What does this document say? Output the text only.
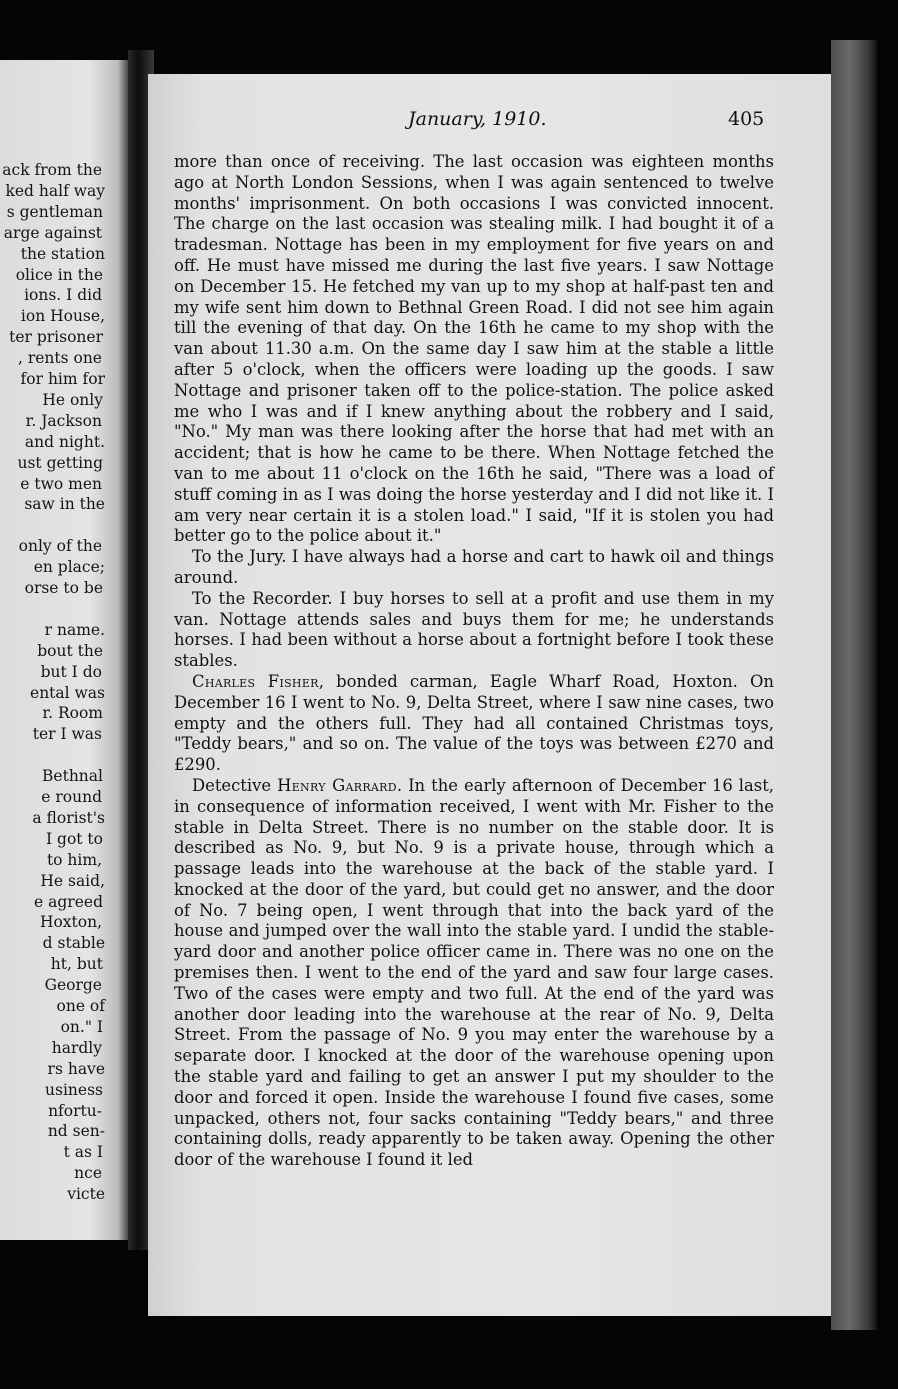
ack from the
ked half way
s gentleman
arge against
the station
olice in the
ions. I did
ion House,
ter prisoner
, rents one
for him for
He only
r. Jackson
and night.
ust getting
e two men
saw in the
only of the
en place;
orse to be
r name.
bout the
but I do
ental was
r. Room
ter I was
Bethnal
e round
a florist's
I got to
to him,
He said,
e agreed
Hoxton,
d stable
ht, but
George
one of
on." I
hardly
rs have
usiness
nfortu-
nd sen-
t as I
nce
victe
January, 1910.	405

more than once of receiving. The last occasion was eighteen months ago at North London Sessions, when I was again sentenced to twelve months' imprisonment. On both occasions I was convicted innocent. The charge on the last occasion was stealing milk. I had bought it of a tradesman. Nottage has been in my employment for five years on and off. He must have missed me during the last five years. I saw Nottage on December 15. He fetched my van up to my shop at half-past ten and my wife sent him down to Bethnal Green Road. I did not see him again till the evening of that day. On the 16th he came to my shop with the van about 11.30 a.m. On the same day I saw him at the stable a little after 5 o'clock, when the officers were loading up the goods. I saw Nottage and prisoner taken off to the police-station. The police asked me who I was and if I knew anything about the robbery and I said, "No." My man was there looking after the horse that had met with an accident; that is how he came to be there. When Nottage fetched the van to me about 11 o'clock on the 16th he said, "There was a load of stuff coming in as I was doing the horse yesterday and I did not like it. I am very near certain it is a stolen load." I said, "If it is stolen you had better go to the police about it."

To the Jury. I have always had a horse and cart to hawk oil and things around.

To the Recorder. I buy horses to sell at a profit and use them in my van. Nottage attends sales and buys them for me; he understands horses. I had been without a horse about a fortnight before I took these stables.

Charles Fisher, bonded carman, Eagle Wharf Road, Hoxton. On December 16 I went to No. 9, Delta Street, where I saw nine cases, two empty and the others full. They had all contained Christmas toys, "Teddy bears," and so on. The value of the toys was between £270 and £290.

Detective Henry Garrard. In the early afternoon of December 16 last, in consequence of information received, I went with Mr. Fisher to the stable in Delta Street. There is no number on the stable door. It is described as No. 9, but No. 9 is a private house, through which a passage leads into the warehouse at the back of the stable yard. I knocked at the door of the yard, but could get no answer, and the door of No. 7 being open, I went through that into the back yard of the house and jumped over the wall into the stable yard. I undid the stable-yard door and another police officer came in. There was no one on the premises then. I went to the end of the yard and saw four large cases. Two of the cases were empty and two full. At the end of the yard was another door leading into the warehouse at the rear of No. 9, Delta Street. From the passage of No. 9 you may enter the warehouse by a separate door. I knocked at the door of the warehouse opening upon the stable yard and failing to get an answer I put my shoulder to the door and forced it open. Inside the warehouse I found five cases, some unpacked, others not, four sacks containing "Teddy bears," and three containing dolls, ready apparently to be taken away. Opening the other door of the warehouse I found it led
